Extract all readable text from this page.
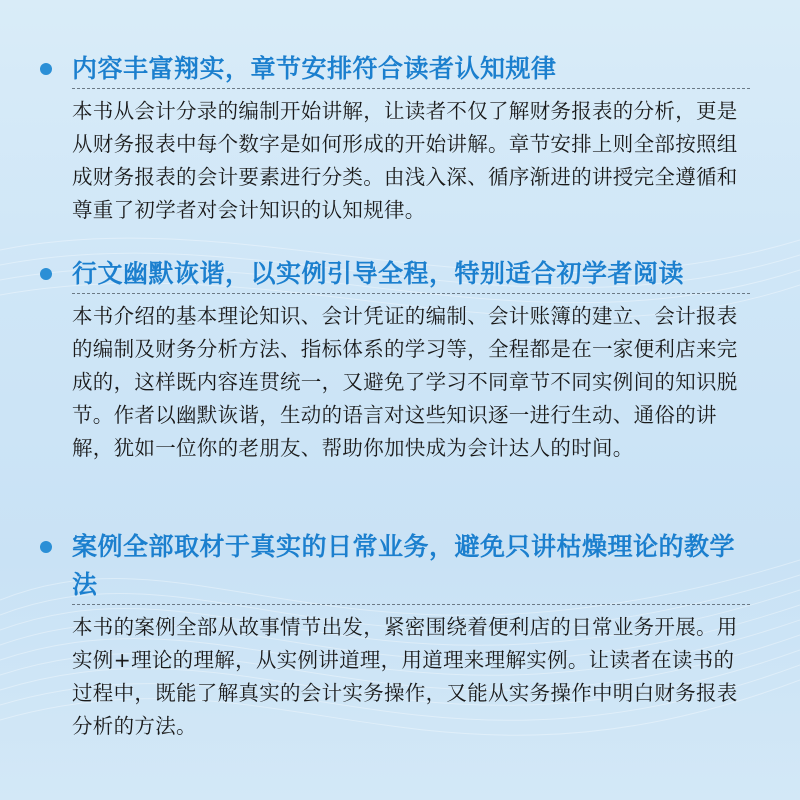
内容丰富翔实，章节安排符合读者认知规律
本书从会计分录的编制开始讲解，让读者不仅了解财务报表的分析，更是从财务报表中每个数字是如何形成的开始讲解。章节安排上则全部按照组成财务报表的会计要素进行分类。由浅入深、循序渐进的讲授完全遵循和尊重了初学者对会计知识的认知规律。
行文幽默诙谐，以实例引导全程，特别适合初学者阅读
本书介绍的基本理论知识、会计凭证的编制、会计账簿的建立、会计报表的编制及财务分析方法、指标体系的学习等，全程都是在一家便利店来完成的，这样既内容连贯统一，又避免了学习不同章节不同实例间的知识脱节。作者以幽默诙谐，生动的语言对这些知识逐一进行生动、通俗的讲解，犹如一位你的老朋友、帮助你加快成为会计达人的时间。
案例全部取材于真实的日常业务，避免只讲枯燥理论的教学法
本书的案例全部从故事情节出发，紧密围绕着便利店的日常业务开展。用实例+理论的理解，从实例讲道理，用道理来理解实例。让读者在读书的过程中，既能了解真实的会计实务操作，又能从实务操作中明白财务报表分析的方法。
